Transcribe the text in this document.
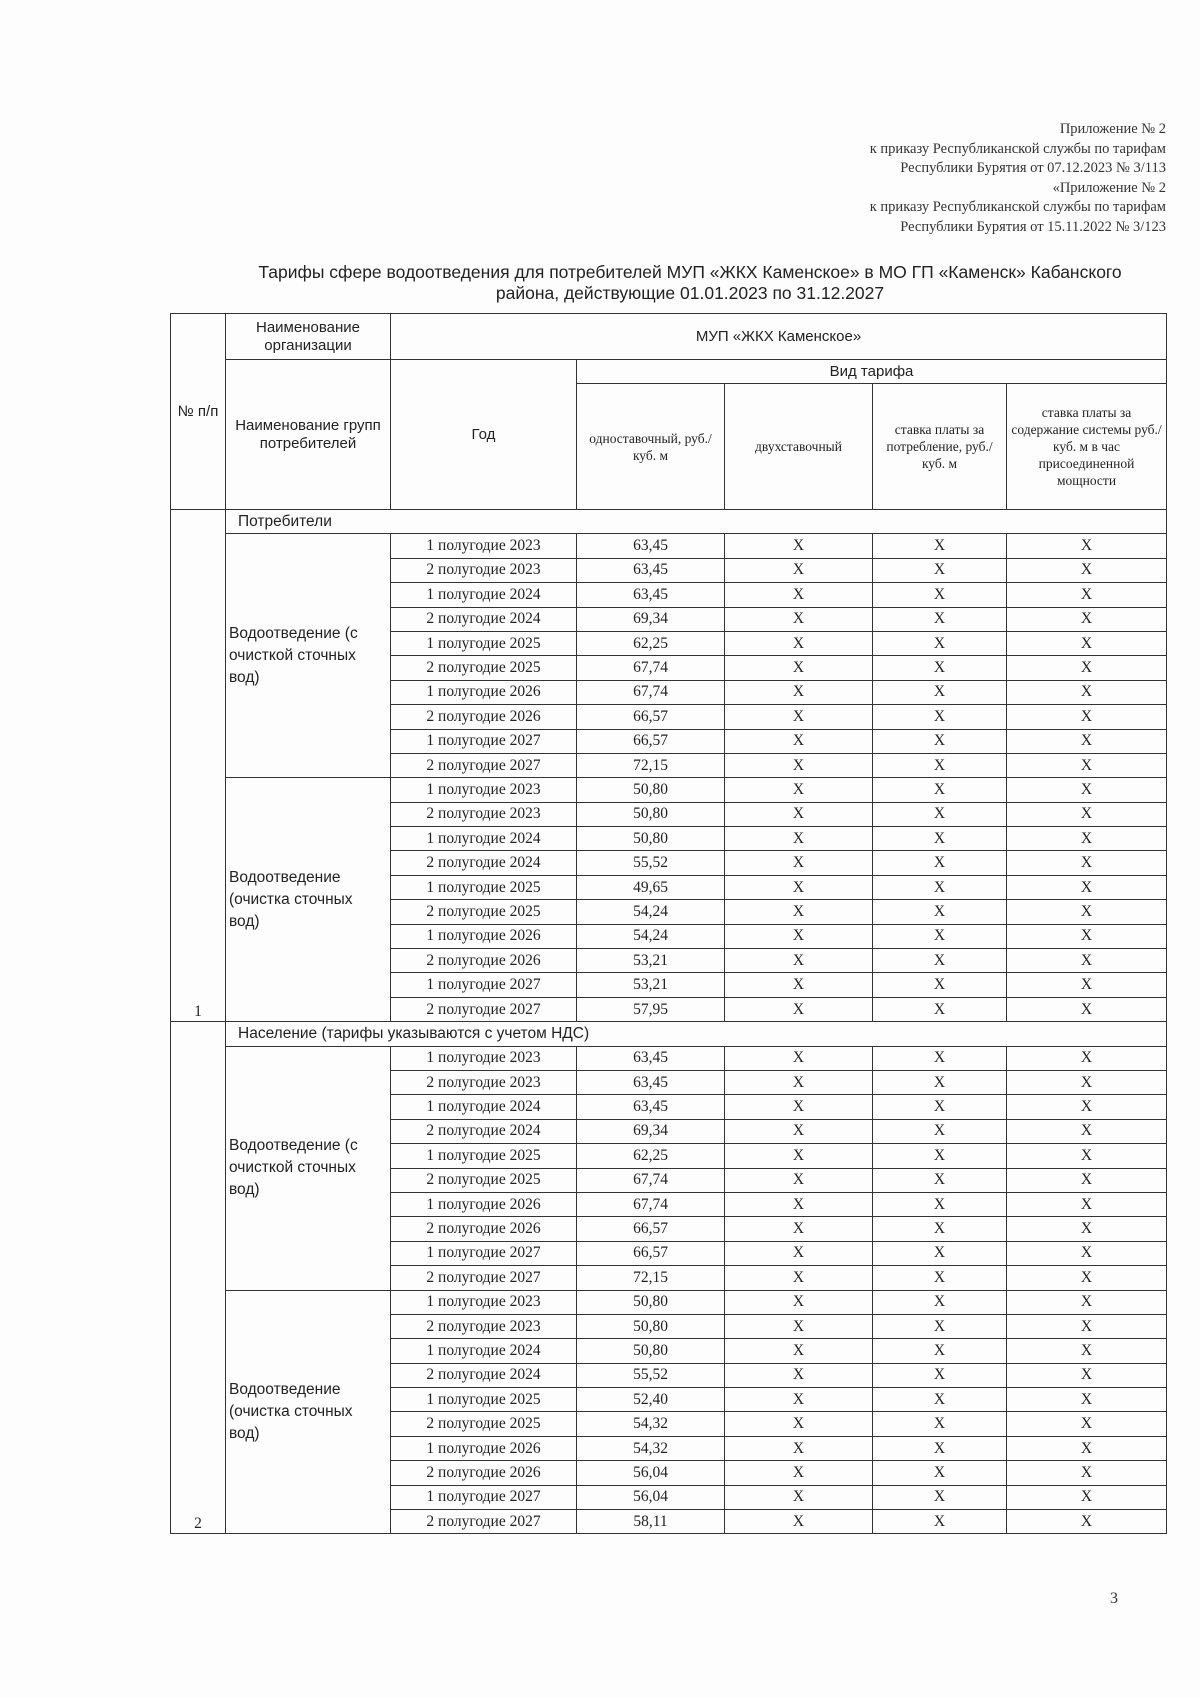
Приложение № 2
к приказу Республиканской службы по тарифам
Республики Бурятия от 07.12.2023 № 3/113
«Приложение № 2
к приказу Республиканской службы по тарифам
Республики Бурятия от 15.11.2022 № 3/123
Тарифы сфере водоотведения для потребителей МУП «ЖКХ Каменское» в МО ГП «Каменск» Кабанского
района, действующие 01.01.2023 по 31.12.2027
№ п/п	Наименование организации	МУП «ЖКХ Каменское»				
	Наименование групп потребителей	Год	Вид тарифа			
			одноставочный, руб./ куб. м	двухставочный	ставка платы за потребление, руб./ куб. м	ставка платы за содержание системы руб./куб. м в час присоединенной мощности
1	Потребители					
	Водоотведение (с очисткой сточных вод)	1 полугодие 2023	63,45	X	X	X
		2 полугодие 2023	63,45	X	X	X
		1 полугодие 2024	63,45	X	X	X
		2 полугодие 2024	69,34	X	X	X
		1 полугодие 2025	62,25	X	X	X
		2 полугодие 2025	67,74	X	X	X
		1 полугодие 2026	67,74	X	X	X
		2 полугодие 2026	66,57	X	X	X
		1 полугодие 2027	66,57	X	X	X
		2 полугодие 2027	72,15	X	X	X
	Водоотведение (очистка сточных вод)	1 полугодие 2023	50,80	X	X	X
		2 полугодие 2023	50,80	X	X	X
		1 полугодие 2024	50,80	X	X	X
		2 полугодие 2024	55,52	X	X	X
		1 полугодие 2025	49,65	X	X	X
		2 полугодие 2025	54,24	X	X	X
		1 полугодие 2026	54,24	X	X	X
		2 полугодие 2026	53,21	X	X	X
		1 полугодие 2027	53,21	X	X	X
		2 полугодие 2027	57,95	X	X	X
2	Население (тарифы указываются с учетом НДС)					
	Водоотведение (с очисткой сточных вод)	1 полугодие 2023	63,45	X	X	X
		2 полугодие 2023	63,45	X	X	X
		1 полугодие 2024	63,45	X	X	X
		2 полугодие 2024	69,34	X	X	X
		1 полугодие 2025	62,25	X	X	X
		2 полугодие 2025	67,74	X	X	X
		1 полугодие 2026	67,74	X	X	X
		2 полугодие 2026	66,57	X	X	X
		1 полугодие 2027	66,57	X	X	X
		2 полугодие 2027	72,15	X	X	X
	Водоотведение (очистка сточных вод)	1 полугодие 2023	50,80	X	X	X
		2 полугодие 2023	50,80	X	X	X
		1 полугодие 2024	50,80	X	X	X
		2 полугодие 2024	55,52	X	X	X
		1 полугодие 2025	52,40	X	X	X
		2 полугодие 2025	54,32	X	X	X
		1 полугодие 2026	54,32	X	X	X
		2 полугодие 2026	56,04	X	X	X
		1 полугодие 2027	56,04	X	X	X
		2 полугодие 2027	58,11	X	X	X
3
